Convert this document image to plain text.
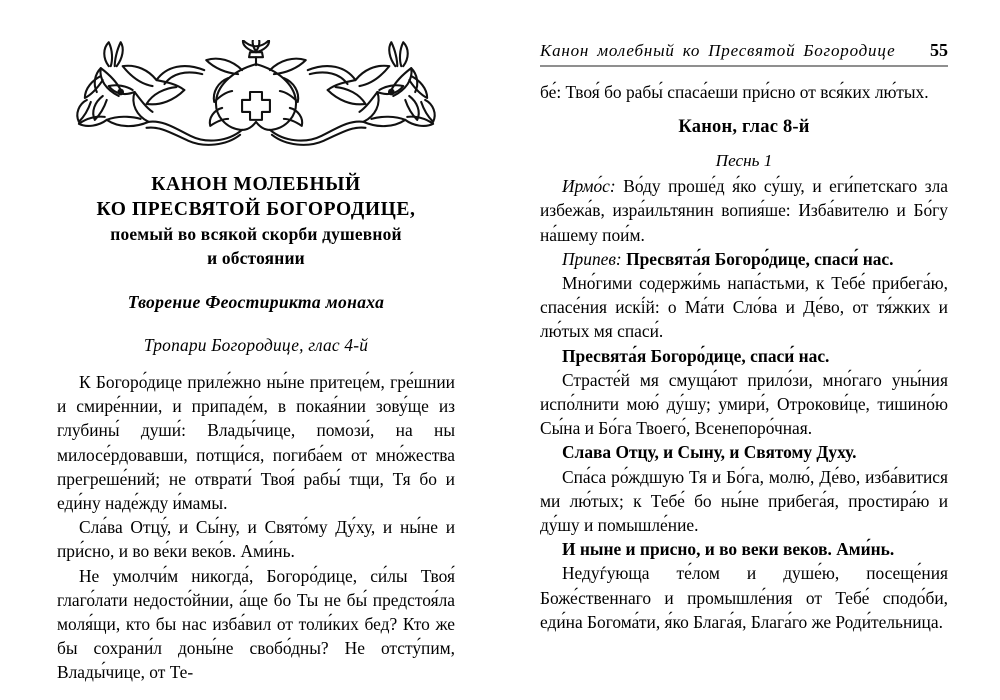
КАНОН МОЛЕБНЫЙ
КО ПРЕСВЯТОЙ БОГОРОДИЦЕ,
поемый во всякой скорби душевной
и обстоянии
Творение Феостирикта монаха
Тропари Богородице, глас 4-й

К Богоро́дице приле́жно ны́не притеце́м, гре́шнии и смире́ннии, и припаде́м, в покая́нии зову́ще из глубины́ души́: Влады́чице, помози́, на ны милосе́рдовавши, потщи́ся, погиба́ем от мно́жества прегреше́ний; не отврати́ Твоя́ рабы́ тщи, Тя бо и еди́ну наде́жду и́мамы.

Сла́ва Отцу́, и Сы́ну, и Свято́му Ду́ху, и ны́не и при́сно, и во ве́ки веко́в. Ами́нь.

Не умолчи́м никогда́, Богоро́дице, си́лы Твоя́ глаго́лати недосто́йнии, а́ще бо Ты не бы́ предстоя́ла моля́щи, кто бы нас изба́вил от толи́ких бед? Кто же бы сохрани́л доны́не свобо́дны? Не отсту́пим, Влады́чице, от Те-

Канон молебный ко Пресвятой Богородице 55

бе́: Твоя́ бо рабы́ спаса́еши при́сно от вся́ких лю́тых.

Канон, глас 8-й
Песнь 1

Ирмо́с: Во́ду проше́д я́ко су́шу, и еги́петскаго зла избежа́в, изра́ильтянин вопия́ше: Изба́вителю и Бо́гу на́шему пои́м.

Припев: Пресвята́я Богоро́дице, спаси́ нас.

Мно́гими содержи́мь напа́стьми, к Тебе́ прибега́ю, спасе́ния искі́й: о Ма́ти Сло́ва и Де́во, от тя́жких и лю́тых мя спаси́.

Пресвята́я Богоро́дице, спаси́ нас.

Страсте́й мя смуща́ют прило́зи, мно́гаго уны́ния испо́лнити мою́ ду́шу; умири́, Отрокови́це, тишино́ю Сы́на и Бо́га Твоего́, Всенепоро́чная.

Слава Отцу, и Сыну, и Святому Духу.

Спа́са ро́ждшую Тя и Бо́га, молю́, Де́во, изба́витися ми лю́тых; к Тебе́ бо ны́не прибега́я, простира́ю и ду́шу и помышле́ние.

И ныне и присно, и во веки веков. Ами́нь.

Недуѓующа те́лом и душе́ю, посеще́ния Боже́ственнаго и промышле́ния от Тебе́ сподо́би, еди́на Богома́ти, я́ко Блага́я, Блага́го же Роди́тельница.
